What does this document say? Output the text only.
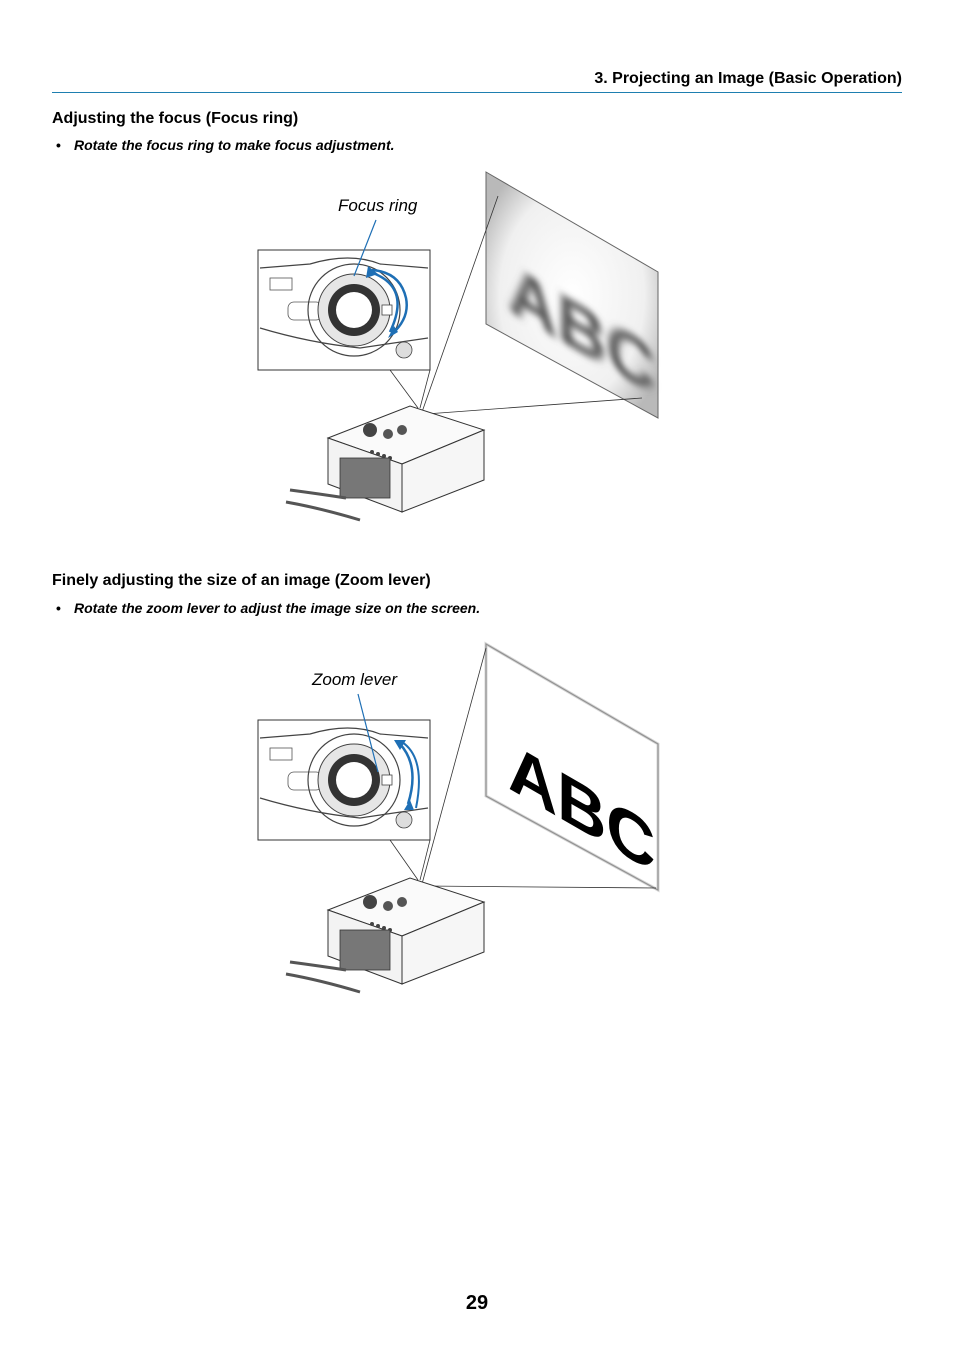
3. Projecting an Image (Basic Operation)
Adjusting the focus (Focus ring)
• Rotate the focus ring to make focus adjustment.
ABC
Focus ring
Finely adjusting the size of an image (Zoom lever)
• Rotate the zoom lever to adjust the image size on the screen.
ABC
Zoom lever
29
